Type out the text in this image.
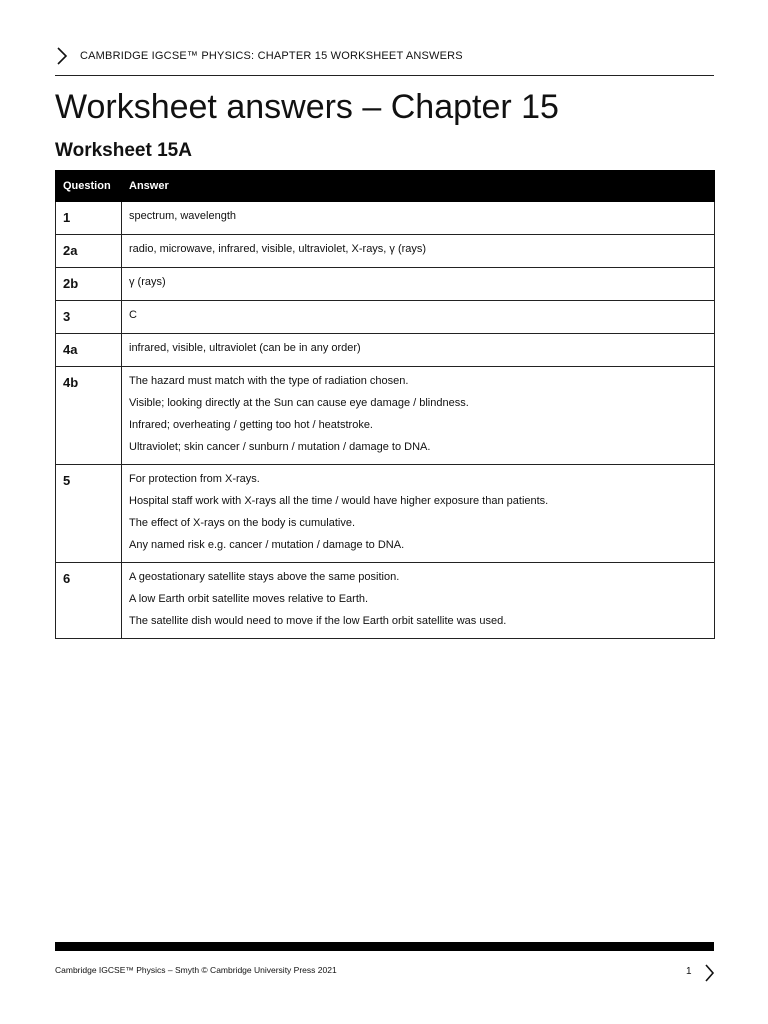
CAMBRIDGE IGCSE™ PHYSICS: CHAPTER 15 WORKSHEET ANSWERS
Worksheet answers – Chapter 15
Worksheet 15A
Question	Answer
1	spectrum, wavelength

2a	radio, microwave, infrared, visible, ultraviolet, X-rays, γ (rays)

2b	γ (rays)

3	C

4a	infrared, visible, ultraviolet (can be in any order)

4b	The hazard must match with the type of radiation chosen.
Visible; looking directly at the Sun can cause eye damage / blindness.
Infrared; overheating / getting too hot / heatstroke.
Ultraviolet; skin cancer / sunburn / mutation / damage to DNA.

5	For protection from X-rays.
Hospital staff work with X-rays all the time / would have higher exposure than patients.
The effect of X-rays on the body is cumulative.
Any named risk e.g. cancer / mutation / damage to DNA.

6	A geostationary satellite stays above the same position.
A low Earth orbit satellite moves relative to Earth.
The satellite dish would need to move if the low Earth orbit satellite was used.
Cambridge IGCSE™ Physics – Smyth © Cambridge University Press 2021	1
